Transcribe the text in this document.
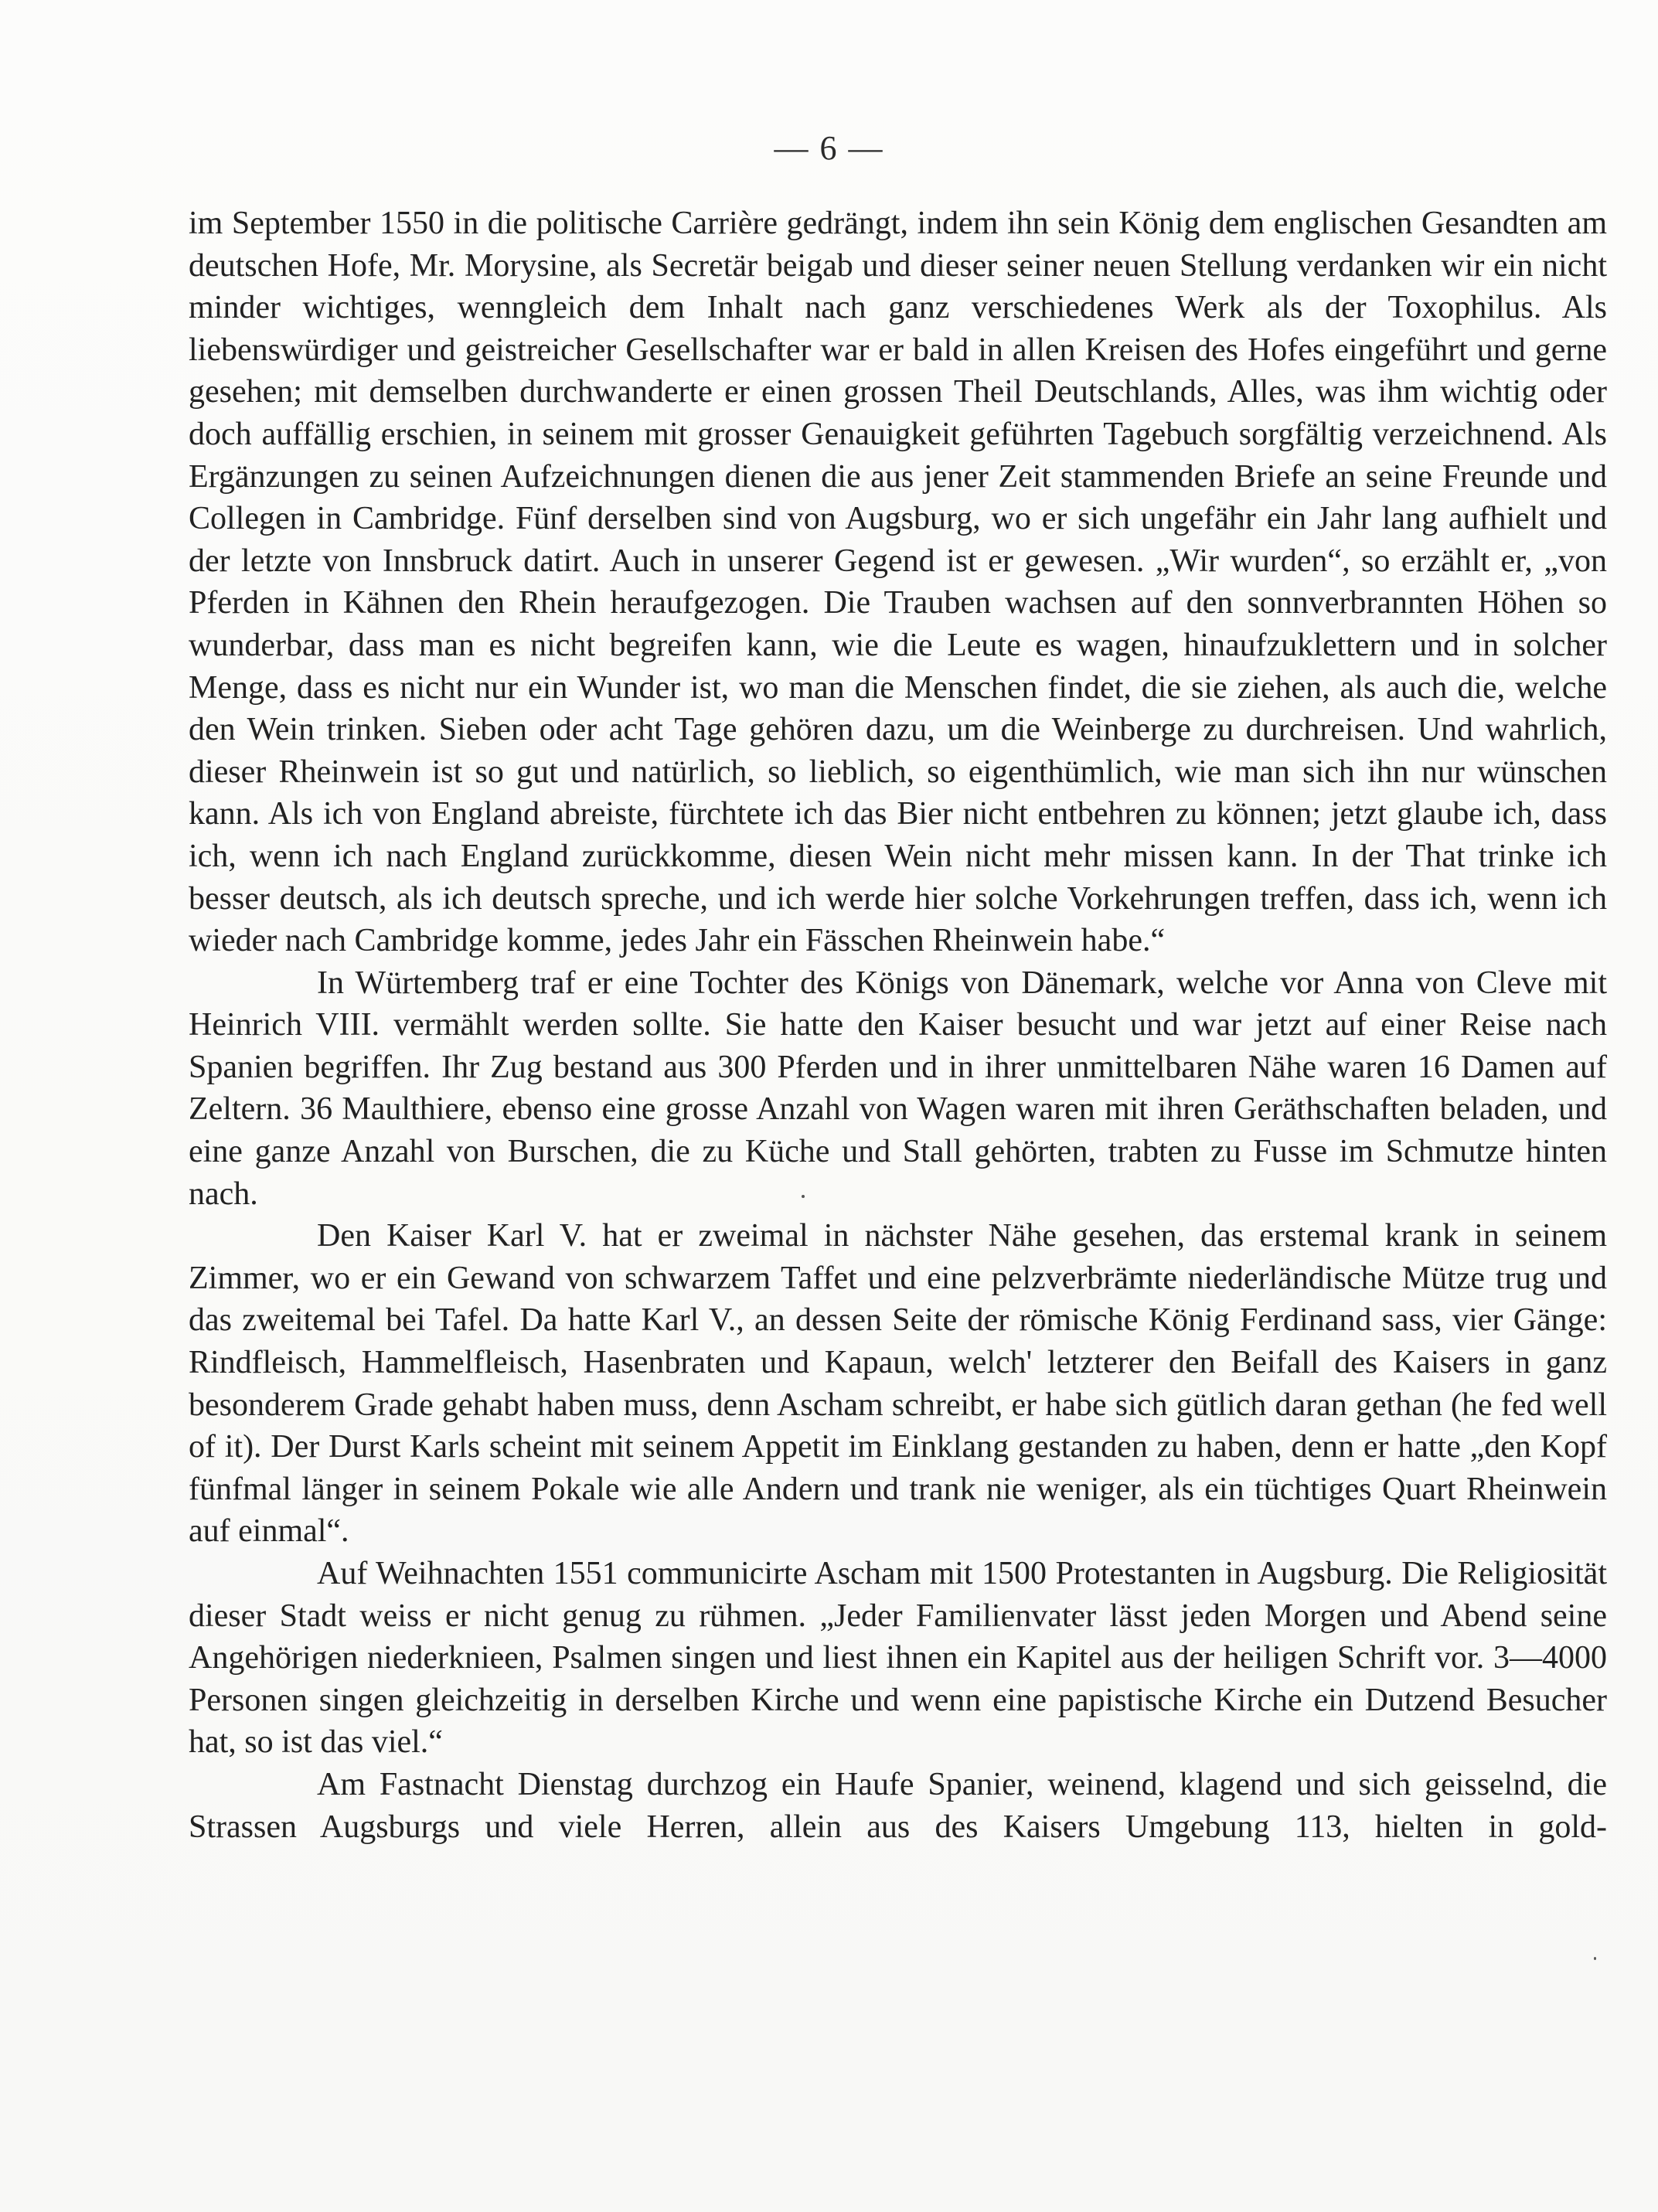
— 6 —

im September 1550 in die politische Carrière gedrängt, indem ihn sein König dem englischen Gesandten am deutschen Hofe, Mr. Morysine, als Secretär beigab und dieser seiner neuen Stellung verdanken wir ein nicht minder wichtiges, wenngleich dem Inhalt nach ganz verschiedenes Werk als der Toxophilus. Als liebenswürdiger und geistreicher Gesellschafter war er bald in allen Kreisen des Hofes eingeführt und gerne gesehen; mit demselben durchwanderte er einen grossen Theil Deutschlands, Alles, was ihm wichtig oder doch auffällig erschien, in seinem mit grosser Genauigkeit geführten Tagebuch sorgfältig verzeichnend. Als Ergänzungen zu seinen Aufzeichnungen dienen die aus jener Zeit stammenden Briefe an seine Freunde und Collegen in Cambridge. Fünf derselben sind von Augsburg, wo er sich ungefähr ein Jahr lang aufhielt und der letzte von Innsbruck datirt. Auch in unserer Gegend ist er gewesen. „Wir wurden“, so erzählt er, „von Pferden in Kähnen den Rhein heraufgezogen. Die Trauben wachsen auf den sonnverbrannten Höhen so wunderbar, dass man es nicht begreifen kann, wie die Leute es wagen, hinaufzuklettern und in solcher Menge, dass es nicht nur ein Wunder ist, wo man die Menschen findet, die sie ziehen, als auch die, welche den Wein trinken. Sieben oder acht Tage gehören dazu, um die Weinberge zu durchreisen. Und wahrlich, dieser Rheinwein ist so gut und natürlich, so lieblich, so eigenthümlich, wie man sich ihn nur wünschen kann. Als ich von England abreiste, fürchtete ich das Bier nicht entbehren zu können; jetzt glaube ich, dass ich, wenn ich nach England zurückkomme, diesen Wein nicht mehr missen kann. In der That trinke ich besser deutsch, als ich deutsch spreche, und ich werde hier solche Vorkehrungen treffen, dass ich, wenn ich wieder nach Cambridge komme, jedes Jahr ein Fässchen Rheinwein habe.“

In Würtemberg traf er eine Tochter des Königs von Dänemark, welche vor Anna von Cleve mit Heinrich VIII. vermählt werden sollte. Sie hatte den Kaiser besucht und war jetzt auf einer Reise nach Spanien begriffen. Ihr Zug bestand aus 300 Pferden und in ihrer unmittelbaren Nähe waren 16 Damen auf Zeltern. 36 Maulthiere, ebenso eine grosse Anzahl von Wagen waren mit ihren Geräthschaften beladen, und eine ganze Anzahl von Burschen, die zu Küche und Stall gehörten, trabten zu Fusse im Schmutze hinten nach.

Den Kaiser Karl V. hat er zweimal in nächster Nähe gesehen, das erstemal krank in seinem Zimmer, wo er ein Gewand von schwarzem Taffet und eine pelzverbrämte niederländische Mütze trug und das zweitemal bei Tafel. Da hatte Karl V., an dessen Seite der römische König Ferdinand sass, vier Gänge: Rindfleisch, Hammelfleisch, Hasenbraten und Kapaun, welch' letzterer den Beifall des Kaisers in ganz besonderem Grade gehabt haben muss, denn Ascham schreibt, er habe sich gütlich daran gethan (he fed well of it). Der Durst Karls scheint mit seinem Appetit im Einklang gestanden zu haben, denn er hatte „den Kopf fünfmal länger in seinem Pokale wie alle Andern und trank nie weniger, als ein tüchtiges Quart Rheinwein auf einmal“.

Auf Weihnachten 1551 communicirte Ascham mit 1500 Protestanten in Augsburg. Die Religiosität dieser Stadt weiss er nicht genug zu rühmen. „Jeder Familienvater lässt jeden Morgen und Abend seine Angehörigen niederknieen, Psalmen singen und liest ihnen ein Kapitel aus der heiligen Schrift vor. 3—4000 Personen singen gleichzeitig in derselben Kirche und wenn eine papistische Kirche ein Dutzend Besucher hat, so ist das viel.“

Am Fastnacht Dienstag durchzog ein Haufe Spanier, weinend, klagend und sich geisselnd, die Strassen Augsburgs und viele Herren, allein aus des Kaisers Umgebung 113, hielten in gold-
